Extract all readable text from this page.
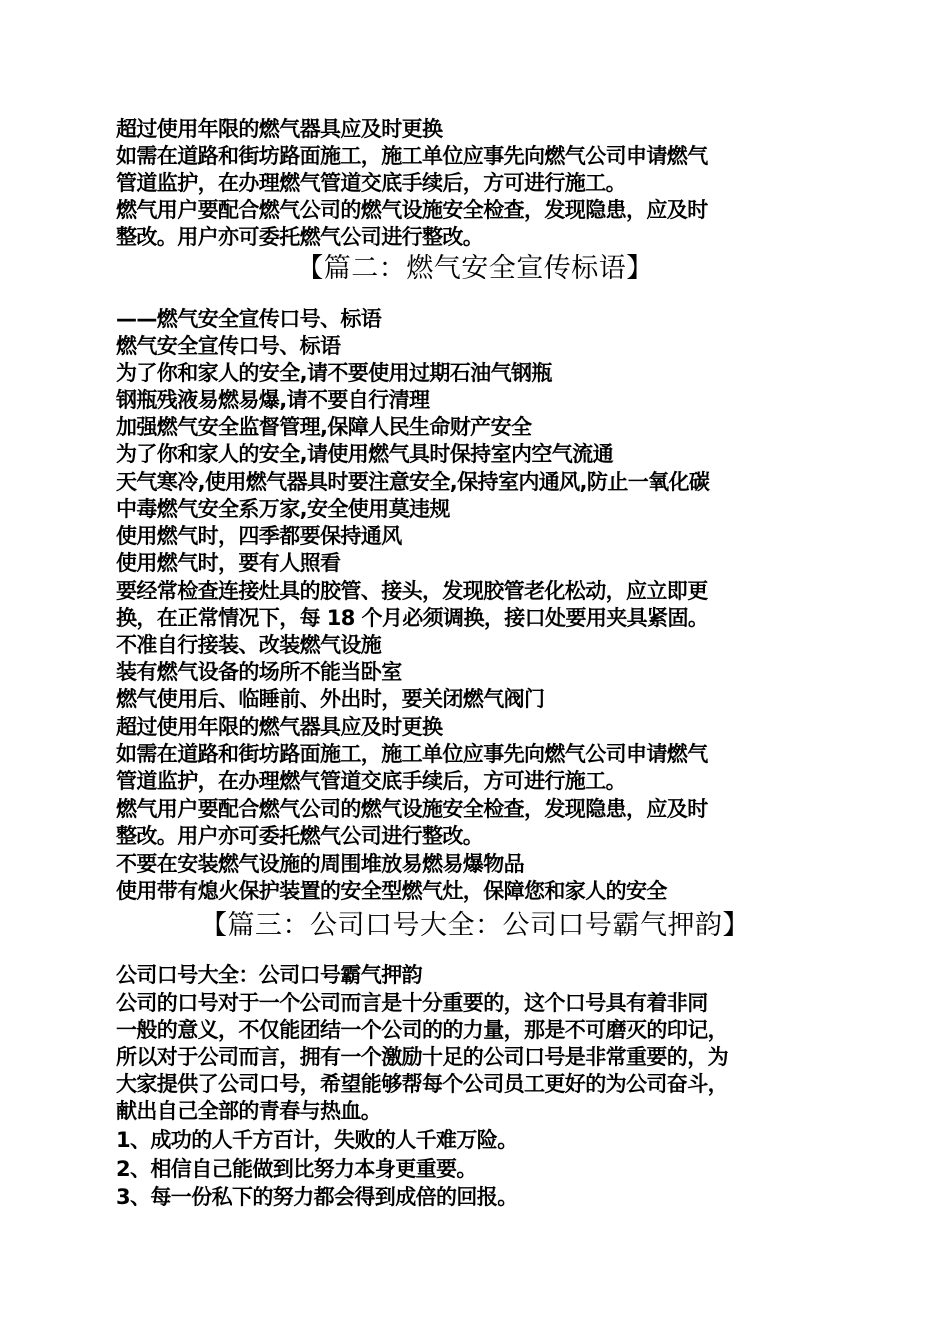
超过使用年限的燃气器具应及时更换
如需在道路和街坊路面施工，施工单位应事先向燃气公司申请燃气
管道监护，在办理燃气管道交底手续后，方可进行施工。
燃气用户要配合燃气公司的燃气设施安全检查，发现隐患，应及时
整改。用户亦可委托燃气公司进行整改。
【篇二：燃气安全宣传标语】
——燃气安全宣传口号、标语
燃气安全宣传口号、标语
为了你和家人的安全,请不要使用过期石油气钢瓶
钢瓶残液易燃易爆,请不要自行清理
加强燃气安全监督管理,保障人民生命财产安全
为了你和家人的安全,请使用燃气具时保持室内空气流通
天气寒冷,使用燃气器具时要注意安全,保持室内通风,防止一氧化碳
中毒燃气安全系万家,安全使用莫违规
使用燃气时，四季都要保持通风
使用燃气时，要有人照看
要经常检查连接灶具的胶管、接头，发现胶管老化松动，应立即更
换，在正常情况下，每 18 个月必须调换，接口处要用夹具紧固。
不准自行接装、改装燃气设施
装有燃气设备的场所不能当卧室
燃气使用后、临睡前、外出时，要关闭燃气阀门
超过使用年限的燃气器具应及时更换
如需在道路和街坊路面施工，施工单位应事先向燃气公司申请燃气
管道监护，在办理燃气管道交底手续后，方可进行施工。
燃气用户要配合燃气公司的燃气设施安全检查，发现隐患，应及时
整改。用户亦可委托燃气公司进行整改。
不要在安装燃气设施的周围堆放易燃易爆物品
使用带有熄火保护装置的安全型燃气灶，保障您和家人的安全
【篇三：公司口号大全：公司口号霸气押韵】
公司口号大全：公司口号霸气押韵
公司的口号对于一个公司而言是十分重要的，这个口号具有着非同
一般的意义，不仅能团结一个公司的的力量，那是不可磨灭的印记，
所以对于公司而言，拥有一个激励十足的公司口号是非常重要的，为
大家提供了公司口号，希望能够帮每个公司员工更好的为公司奋斗，
献出自己全部的青春与热血。
1、成功的人千方百计，失败的人千难万险。
2、相信自己能做到比努力本身更重要。
3、每一份私下的努力都会得到成倍的回报。
